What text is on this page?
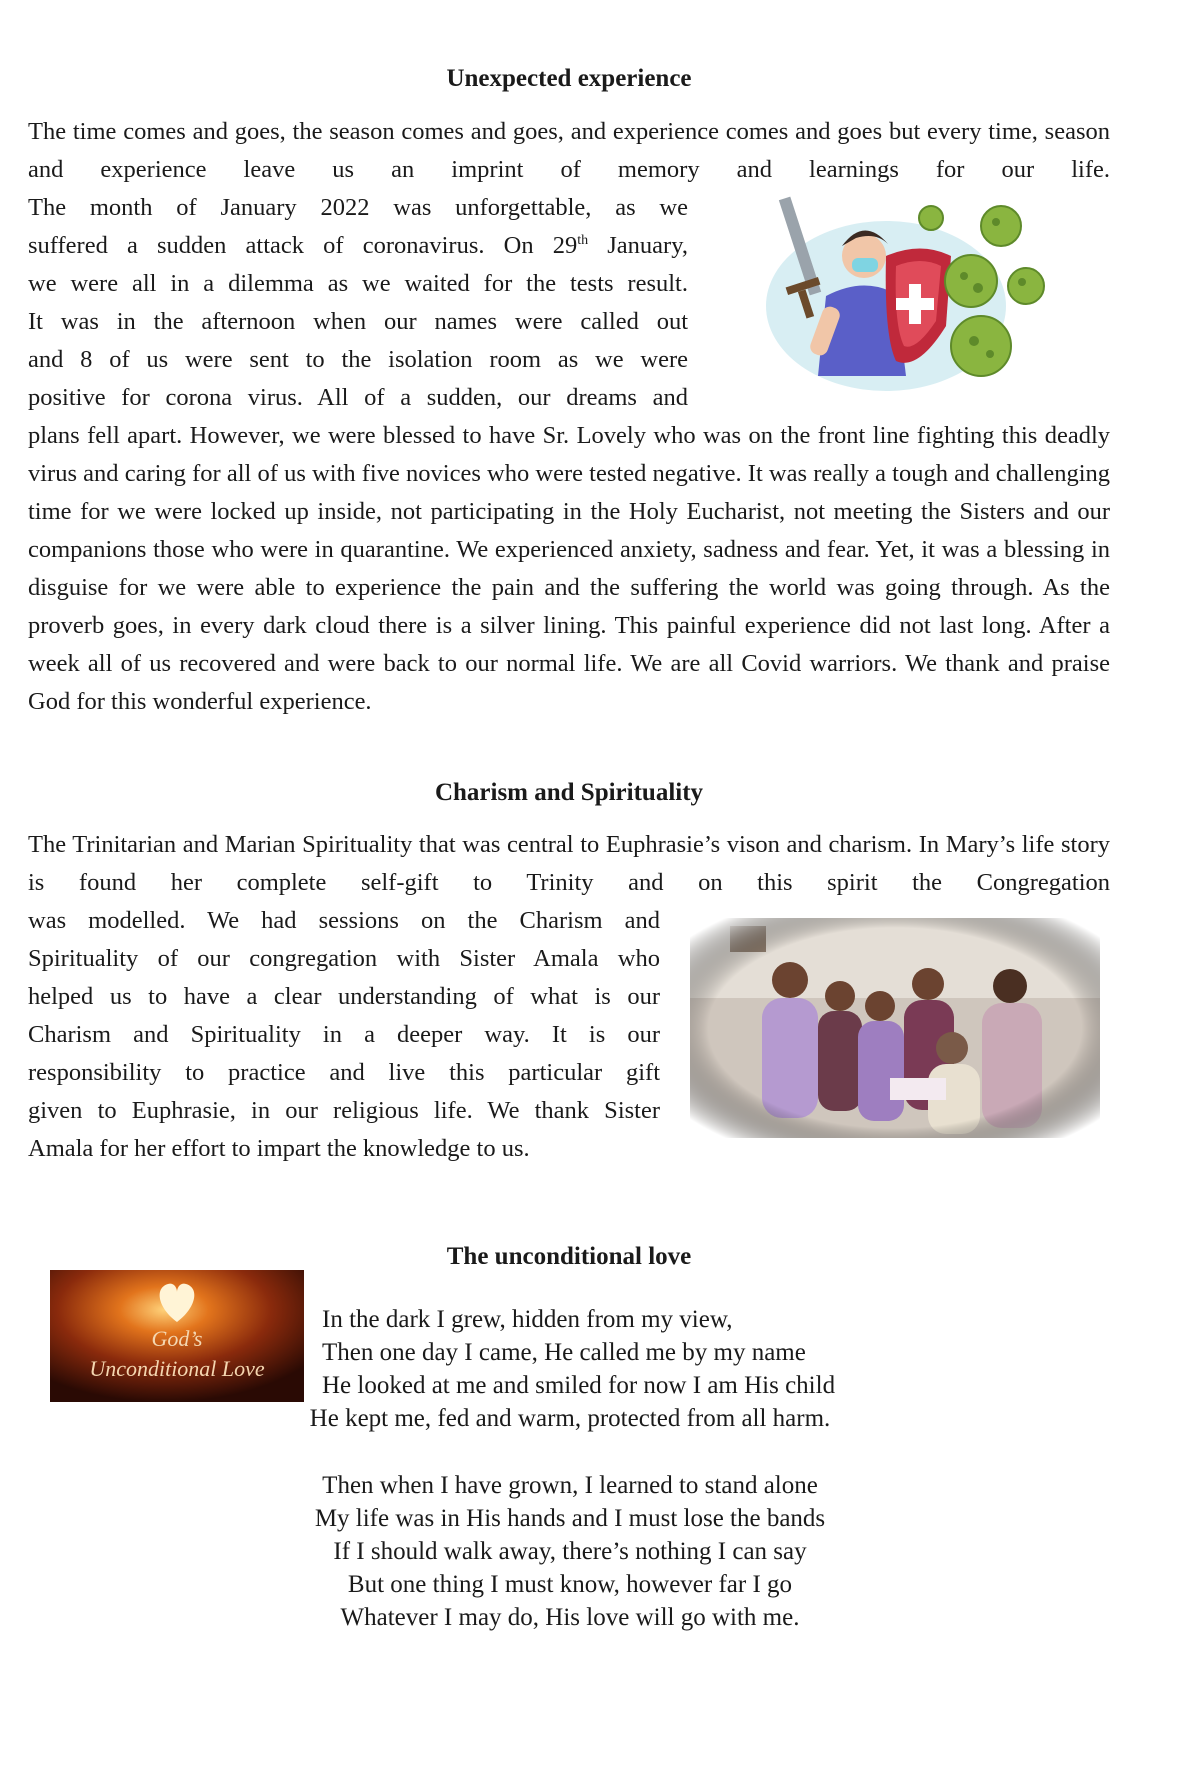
Unexpected experience

The time comes and goes, the season comes and goes, and experience comes and goes but every time, season and experience leave us an imprint of memory and learnings for our life.

The month of January 2022 was unforgettable, as we
suffered a sudden attack of coronavirus. On 29th January,
we were all in a dilemma as we waited for the tests result.
It was in the afternoon when our names were called out
and 8 of us were sent to the isolation room as we were
positive for corona virus. All of a sudden, our dreams and

plans fell apart. However, we were blessed to have Sr. Lovely who was on the front line fighting this deadly virus and caring for all of us with five novices who were tested negative. It was really a tough and challenging time for we were locked up inside, not participating in the Holy Eucharist, not meeting the Sisters and our companions those who were in quarantine. We experienced anxiety, sadness and fear. Yet, it was a blessing in disguise for we were able to experience the pain and the suffering the world was going through. As the proverb goes, in every dark cloud there is a silver lining. This painful experience did not last long. After a week all of us recovered and were back to our normal life. We are all Covid warriors. We thank and praise God for this wonderful experience.

Charism and Spirituality

The Trinitarian and Marian Spirituality that was central to Euphrasie’s vison and charism. In Mary’s life story is found her complete self-gift to Trinity and on this spirit the Congregation

was modelled. We had sessions on the Charism and
Spirituality of our congregation with Sister Amala who
helped us to have a clear understanding of what is our
Charism and Spirituality in a deeper way. It is our
responsibility to practice and live this particular gift
given to Euphrasie, in our religious life. We thank Sister
Amala for her effort to impart the knowledge to us.
The unconditional love
God’s
Unconditional Love
In the dark I grew, hidden from my view,
Then one day I came, He called me by my name
He looked at me and smiled for now I am His child
He kept me, fed and warm, protected from all harm.
Then when I have grown, I learned to stand alone
My life was in His hands and I must lose the bands
If I should walk away, there’s nothing I can say
But one thing I must know, however far I go
Whatever I may do, His love will go with me.
